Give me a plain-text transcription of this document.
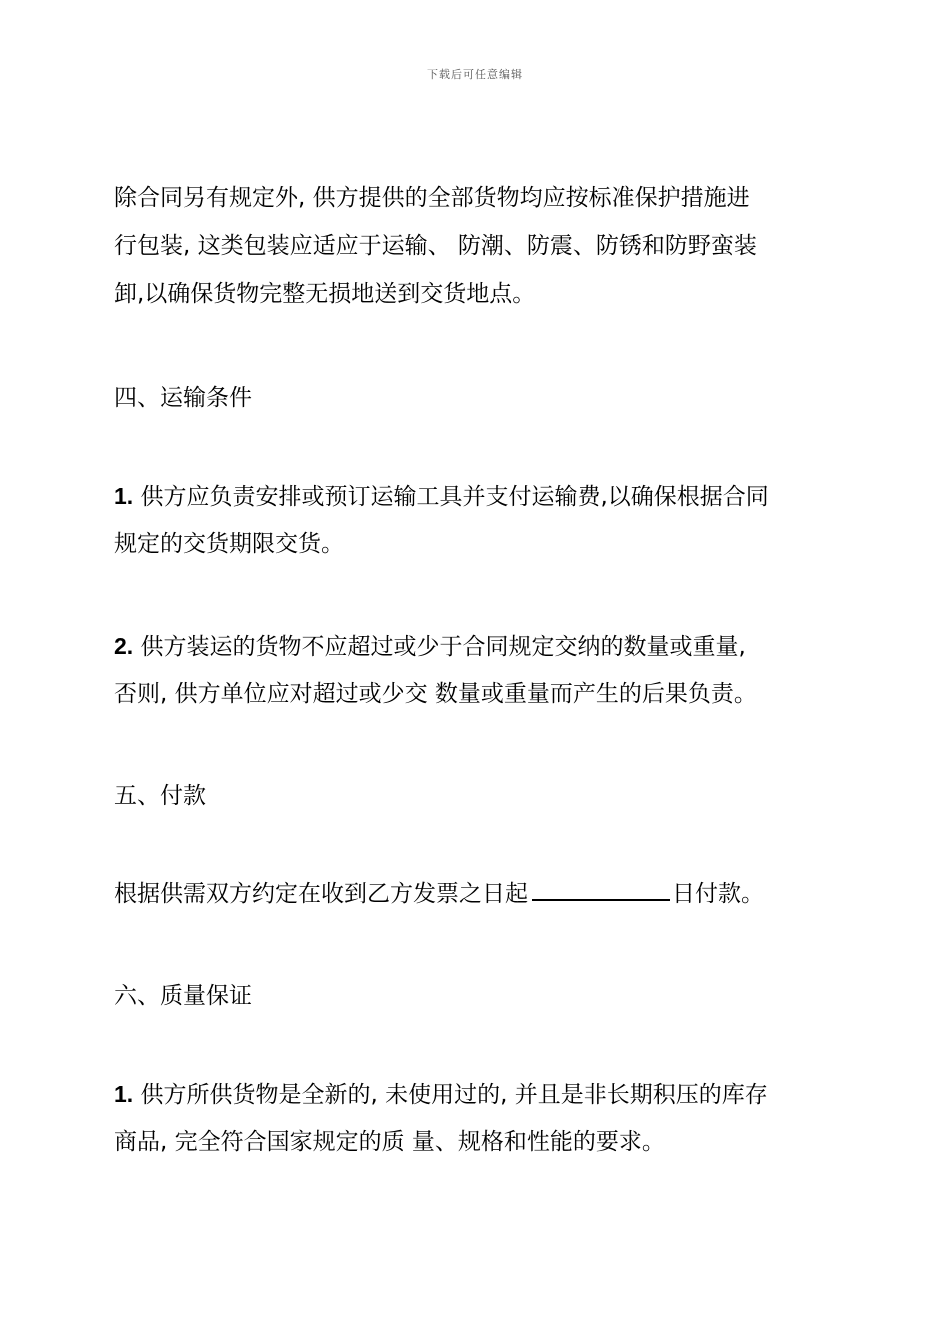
下载后可任意编辑
除合同另有规定外, 供方提供的全部货物均应按标准保护措施进
行包装, 这类包装应适应于运输、 防潮、防震、防锈和防野蛮装
卸,以确保货物完整无损地送到交货地点。
四、运输条件
1. 供方应负责安排或预订运输工具并支付运输费,以确保根据合同
规定的交货期限交货。
2. 供方装运的货物不应超过或少于合同规定交纳的数量或重量,
否则, 供方单位应对超过或少交 数量或重量而产生的后果负责。
五、付款
根据供需双方约定在收到乙方发票之日起	日付款。
六、质量保证
1. 供方所供货物是全新的, 未使用过的, 并且是非长期积压的库存
商品, 完全符合国家规定的质 量、规格和性能的要求。
